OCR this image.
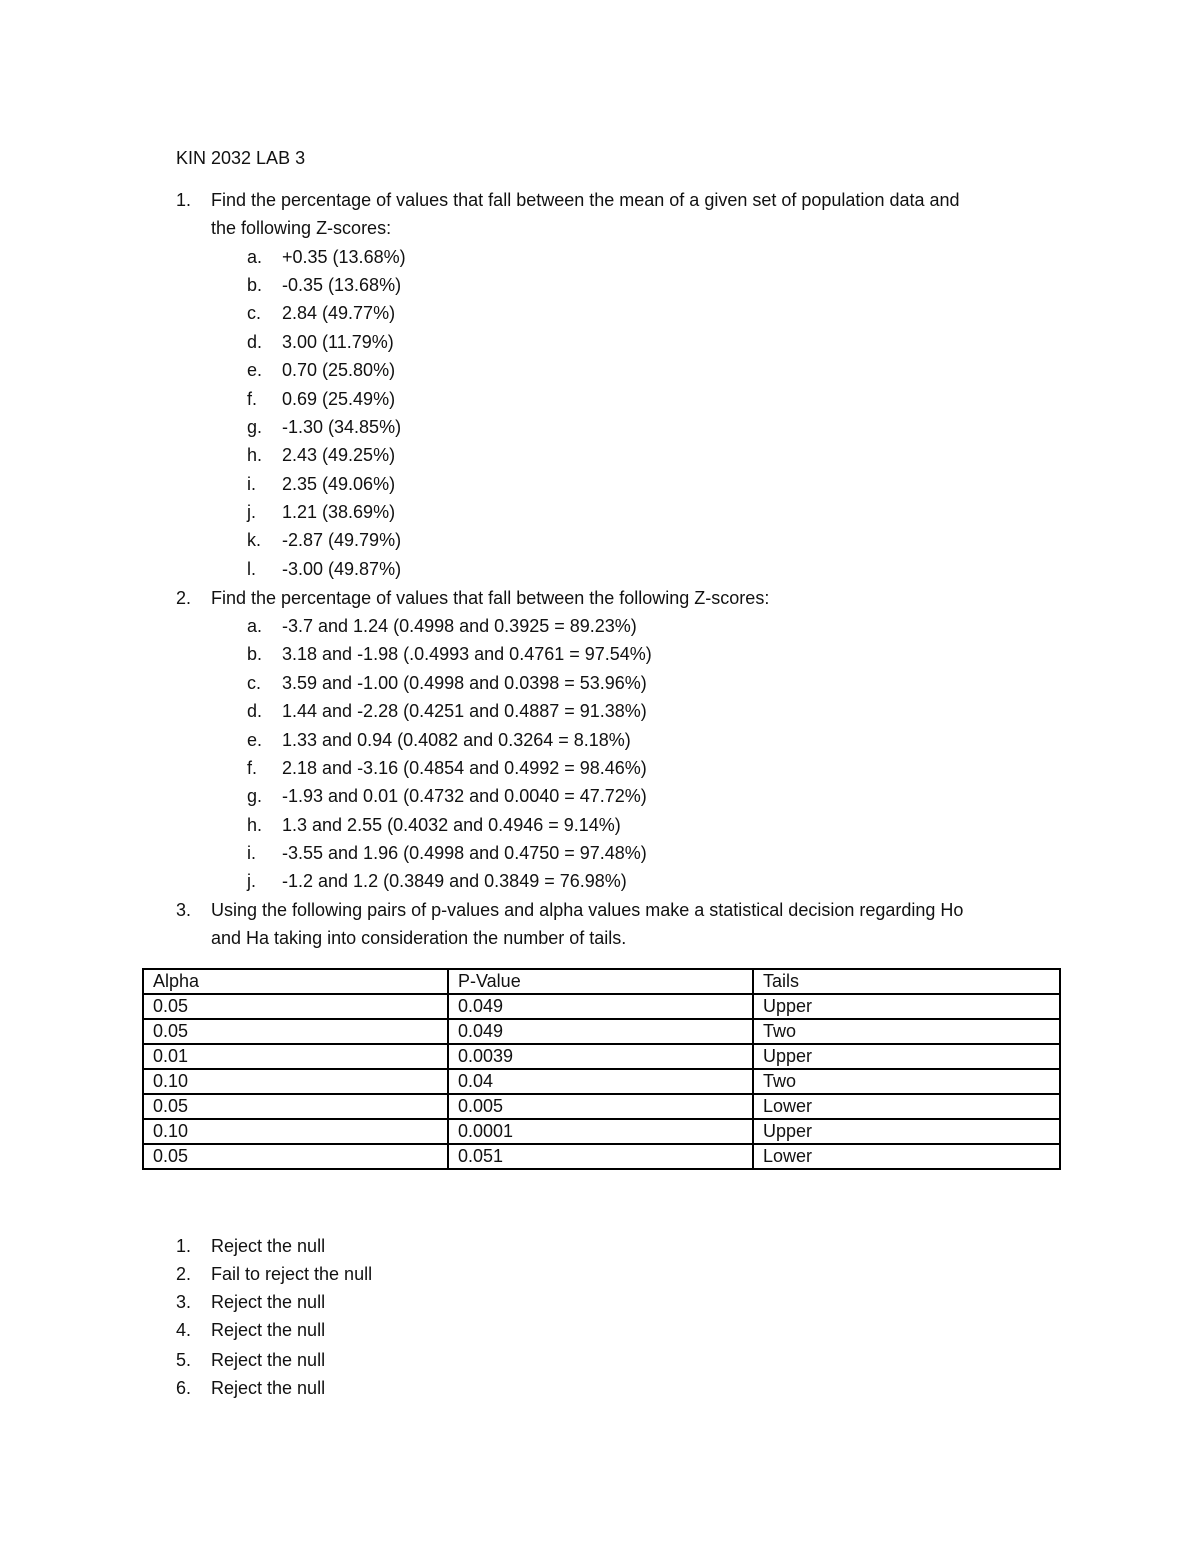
KIN 2032 LAB 3
1.	Find the percentage of values that fall between the mean of a given set of population data and
the following Z-scores:
a.	+0.35 (13.68%)
b.	-0.35 (13.68%)
c.	2.84 (49.77%)
d.	3.00 (11.79%)
e.	0.70 (25.80%)
f.	0.69 (25.49%)
g.	-1.30 (34.85%)
h.	2.43 (49.25%)
i.	2.35 (49.06%)
j.	1.21 (38.69%)
k.	-2.87 (49.79%)
l.	-3.00 (49.87%)
2.	Find the percentage of values that fall between the following Z-scores:
a.	-3.7 and 1.24 (0.4998 and 0.3925 = 89.23%)
b.	3.18 and -1.98 (.0.4993 and 0.4761 = 97.54%)
c.	3.59 and -1.00 (0.4998 and 0.0398 = 53.96%)
d.	1.44 and -2.28 (0.4251 and 0.4887 = 91.38%)
e.	1.33 and 0.94 (0.4082 and 0.3264 = 8.18%)
f.	2.18 and -3.16 (0.4854 and 0.4992 = 98.46%)
g.	-1.93 and 0.01 (0.4732 and 0.0040 = 47.72%)
h.	1.3 and 2.55 (0.4032 and 0.4946 = 9.14%)
i.	-3.55 and 1.96 (0.4998 and 0.4750 = 97.48%)
j.	-1.2 and 1.2 (0.3849 and 0.3849 = 76.98%)
3.	Using the following pairs of p-values and alpha values make a statistical decision regarding Ho
and Ha taking into consideration the number of tails.
Alpha	P-Value	Tails
0.05	0.049	Upper
0.05	0.049	Two
0.01	0.0039	Upper
0.10	0.04	Two
0.05	0.005	Lower
0.10	0.0001	Upper
0.05	0.051	Lower
1.	Reject the null
2.	Fail to reject the null
3.	Reject the null
4.	Reject the null
5.	Reject the null
6.	Reject the null
